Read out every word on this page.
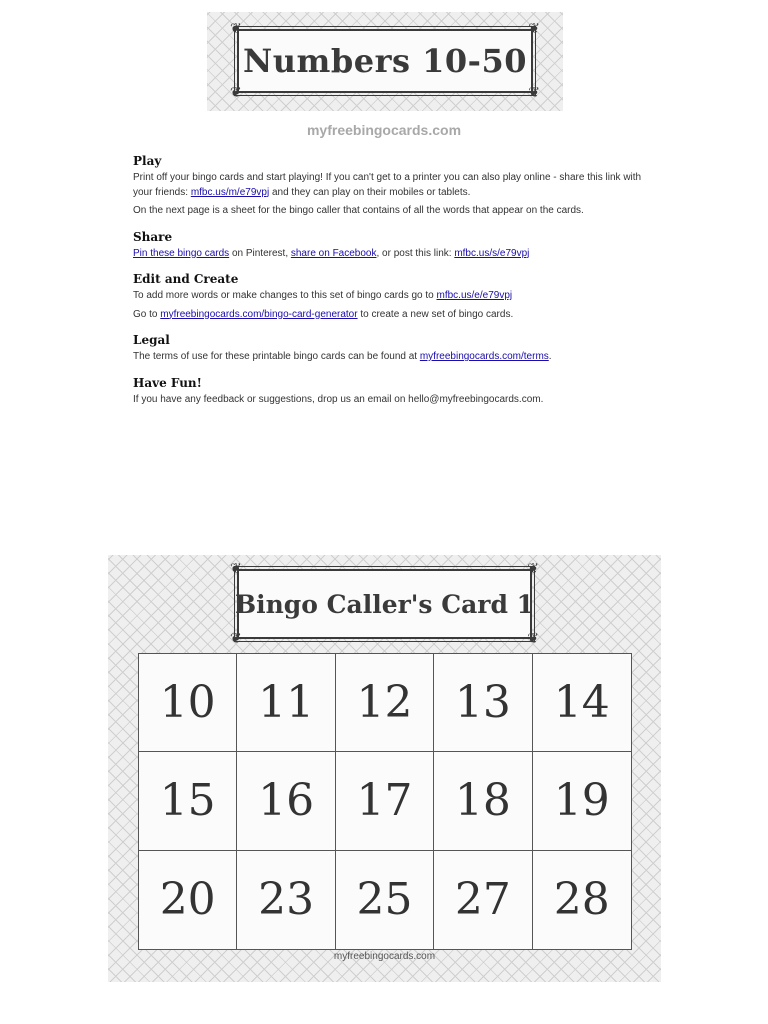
❦	❦
❦	❦
Numbers 10-50
myfreebingocards.com
Play

Print off your bingo cards and start playing! If you can't get to a printer you can also play online - share this link with your friends: mfbc.us/m/e79vpj and they can play on their mobiles or tablets.

On the next page is a sheet for the bingo caller that contains of all the words that appear on the cards.

Share

Pin these bingo cards on Pinterest, share on Facebook, or post this link: mfbc.us/s/e79vpj

Edit and Create

To add more words or make changes to this set of bingo cards go to mfbc.us/e/e79vpj

Go to myfreebingocards.com/bingo-card-generator to create a new set of bingo cards.

Legal

The terms of use for these printable bingo cards can be found at myfreebingocards.com/terms.

Have Fun!

If you have any feedback or suggestions, drop us an email on hello@myfreebingocards.com.

❦	❦
❦	❦
Bingo Caller's Card 1
10 11 12 13 14
15 16 17 18 19
20 23 25 27 28
myfreebingocards.com
